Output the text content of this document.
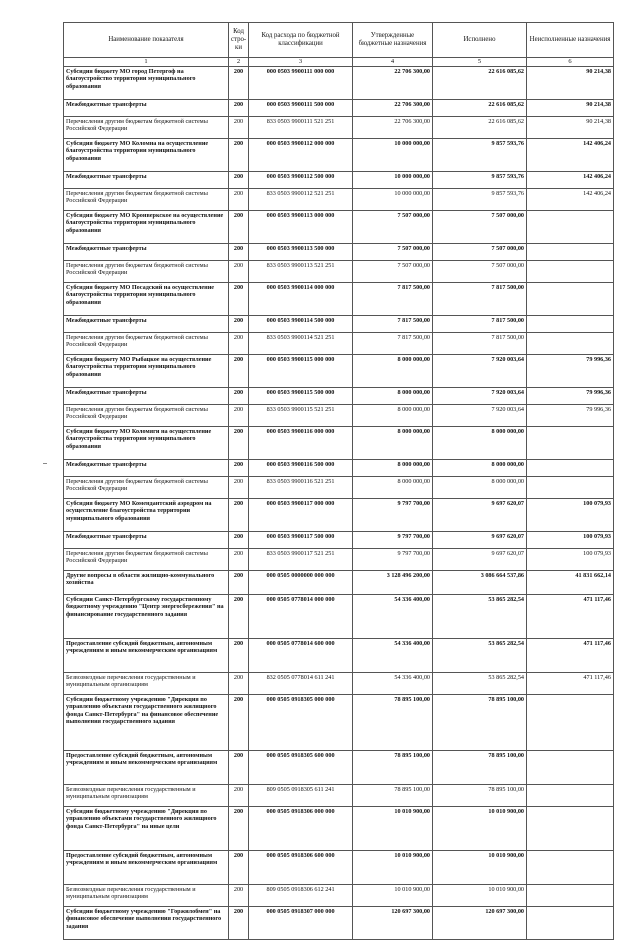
Наименование показателя	Код стро-ки	Код расхода по бюджетной классификации	Утвержденные бюджетные назначения	Исполнено	Неисполненные назначения
1	2	3	4	5	6
Субсидия бюджету МО город Петергоф на благоустройство территории муниципального образования	200	000 0503 9900111 000 000	22 706 300,00	22 616 085,62	90 214,38
Межбюджетные трансферты	200	000 0503 9900111 500 000	22 706 300,00	22 616 085,62	90 214,38
Перечисления другим бюджетам бюджетной системы Российской Федерации	200	833 0503 9900111 521 251	22 706 300,00	22 616 085,62	90 214,38
Субсидия бюджету МО Коломна на осуществление благоустройства территории муниципального образования	200	000 0503 9900112 000 000	10 000 000,00	9 857 593,76	142 406,24
Межбюджетные трансферты	200	000 0503 9900112 500 000	10 000 000,00	9 857 593,76	142 406,24
Перечисления другим бюджетам бюджетной системы Российской Федерации	200	833 0503 9900112 521 251	10 000 000,00	9 857 593,76	142 406,24
Субсидия бюджету МО Кронверкское на осуществление благоустройства территории муниципального образования	200	000 0503 9900113 000 000	7 507 000,00	7 507 000,00	
Межбюджетные трансферты	200	000 0503 9900113 500 000	7 507 000,00	7 507 000,00	
Перечисления другим бюджетам бюджетной системы Российской Федерации	200	833 0503 9900113 521 251	7 507 000,00	7 507 000,00	
Субсидия бюджету МО Посадский на осуществление благоустройства территории муниципального образования	200	000 0503 9900114 000 000	7 817 500,00	7 817 500,00	
Межбюджетные трансферты	200	000 0503 9900114 500 000	7 817 500,00	7 817 500,00	
Перечисления другим бюджетам бюджетной системы Российской Федерации	200	833 0503 9900114 521 251	7 817 500,00	7 817 500,00	
Субсидия бюджету МО Рыбацкое на осуществление благоустройства территории муниципального образования	200	000 0503 9900115 000 000	8 000 000,00	7 920 003,64	79 996,36
Межбюджетные трансферты	200	000 0503 9900115 500 000	8 000 000,00	7 920 003,64	79 996,36
Перечисления другим бюджетам бюджетной системы Российской Федерации	200	833 0503 9900115 521 251	8 000 000,00	7 920 003,64	79 996,36
Субсидия бюджету МО Коломяги на осуществление благоустройства территории муниципального образования	200	000 0503 9900116 000 000	8 000 000,00	8 000 000,00	
Межбюджетные трансферты	200	000 0503 9900116 500 000	8 000 000,00	8 000 000,00	
Перечисления другим бюджетам бюджетной системы Российской Федерации	200	833 0503 9900116 521 251	8 000 000,00	8 000 000,00	
Субсидия бюджету МО Комендантский аэродром на осуществление благоустройства территории муниципального образования	200	000 0503 9900117 000 000	9 797 700,00	9 697 620,07	100 079,93
Межбюджетные трансферты	200	000 0503 9900117 500 000	9 797 700,00	9 697 620,07	100 079,93
Перечисления другим бюджетам бюджетной системы Российской Федерации	200	833 0503 9900117 521 251	9 797 700,00	9 697 620,07	100 079,93
Другие вопросы в области жилищно-коммунального хозяйства	200	000 0505 0000000 000 000	3 128 496 200,00	3 086 664 537,86	41 831 662,14
Субсидии Санкт-Петербургскому государственному бюджетному учреждению "Центр энергосбережения" на финансирование государственного задания	200	000 0505 0778014 000 000	54 336 400,00	53 865 282,54	471 117,46
Предоставление субсидий бюджетным, автономным учреждениям и иным некоммерческим организациям	200	000 0505 0778014 600 000	54 336 400,00	53 865 282,54	471 117,46
Безвозмездные перечисления государственным и муниципальным организациям	200	832 0505 0778014 611 241	54 336 400,00	53 865 282,54	471 117,46
Субсидии бюджетному учреждению "Дирекция по управлению объектами государственного жилищного фонда Санкт-Петербурга" на финансовое обеспечение выполнения государственного задания	200	000 0505 0918305 000 000	78 895 100,00	78 895 100,00	
Предоставление субсидий бюджетным, автономным учреждениям и иным некоммерческим организациям	200	000 0505 0918305 600 000	78 895 100,00	78 895 100,00	
Безвозмездные перечисления государственным и муниципальным организациям	200	809 0505 0918305 611 241	78 895 100,00	78 895 100,00	
Субсидии бюджетному учреждению "Дирекция по управлению объектами государственного жилищного фонда Санкт-Петербурга" на иные цели	200	000 0505 0918306 000 000	10 010 900,00	10 010 900,00	
Предоставление субсидий бюджетным, автономным учреждениям и иным некоммерческим организациям	200	000 0505 0918306 600 000	10 010 900,00	10 010 900,00	
Безвозмездные перечисления государственным и муниципальным организациям	200	809 0505 0918306 612 241	10 010 900,00	10 010 900,00	
Субсидии бюджетному учреждению "Горжилобмен" на финансовое обеспечение выполнения государственного задания	200	000 0505 0918307 000 000	120 697 300,00	120 697 300,00	
